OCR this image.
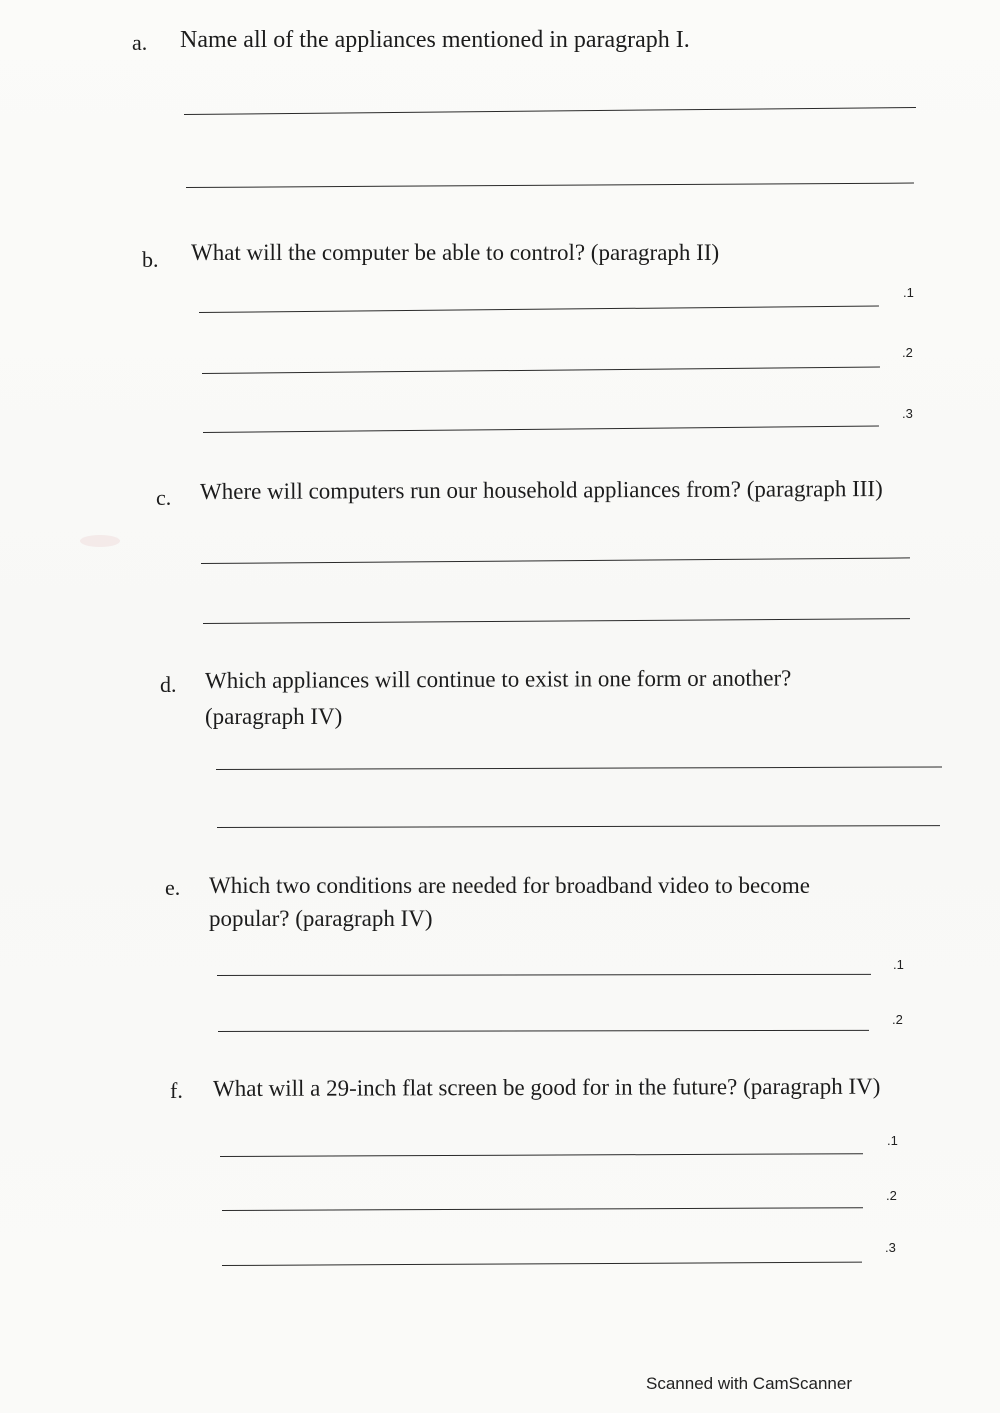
a. Name all of the appliances mentioned in paragraph I.
b. What will the computer be able to control? (paragraph II)
.1
.2
.3
c. Where will computers run our household appliances from? (paragraph III)
d. Which appliances will continue to exist in one form or another?
(paragraph IV)
e. Which two conditions are needed for broadband video to become
popular? (paragraph IV)
.1
.2
f. What will a 29-inch flat screen be good for in the future? (paragraph IV)
.1
.2
.3
Scanned with CamScanner
